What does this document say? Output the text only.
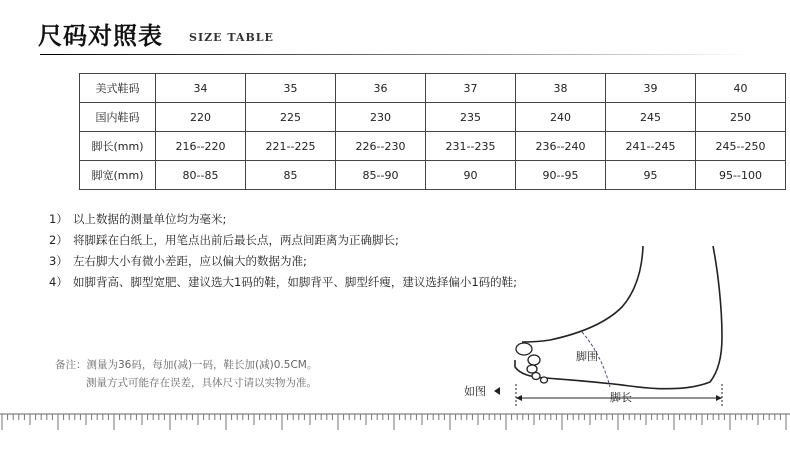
尺码对照表 SIZE TABLE
美式鞋码	34	35	36	37	38	39	40
国内鞋码	220	225	230	235	240	245	250
脚长(mm)	216--220	221--225	226--230	231--235	236--240	241--245	245--250
脚宽(mm)	80--85	85	85--90	90	90--95	95	95--100
1） 以上数据的测量单位均为毫米;
2） 将脚踩在白纸上，用笔点出前后最长点，两点间距离为正确脚长;
3） 左右脚大小有微小差距，应以偏大的数据为准;
4） 如脚背高、脚型宽肥、建议选大1码的鞋，如脚背平、脚型纤瘦，建议选择偏小1码的鞋;
备注：测量为36码，每加(减)一码，鞋长加(减)0.5CM。
测量方式可能存在误差，具体尺寸请以实物为准。
脚围
脚长
如图
